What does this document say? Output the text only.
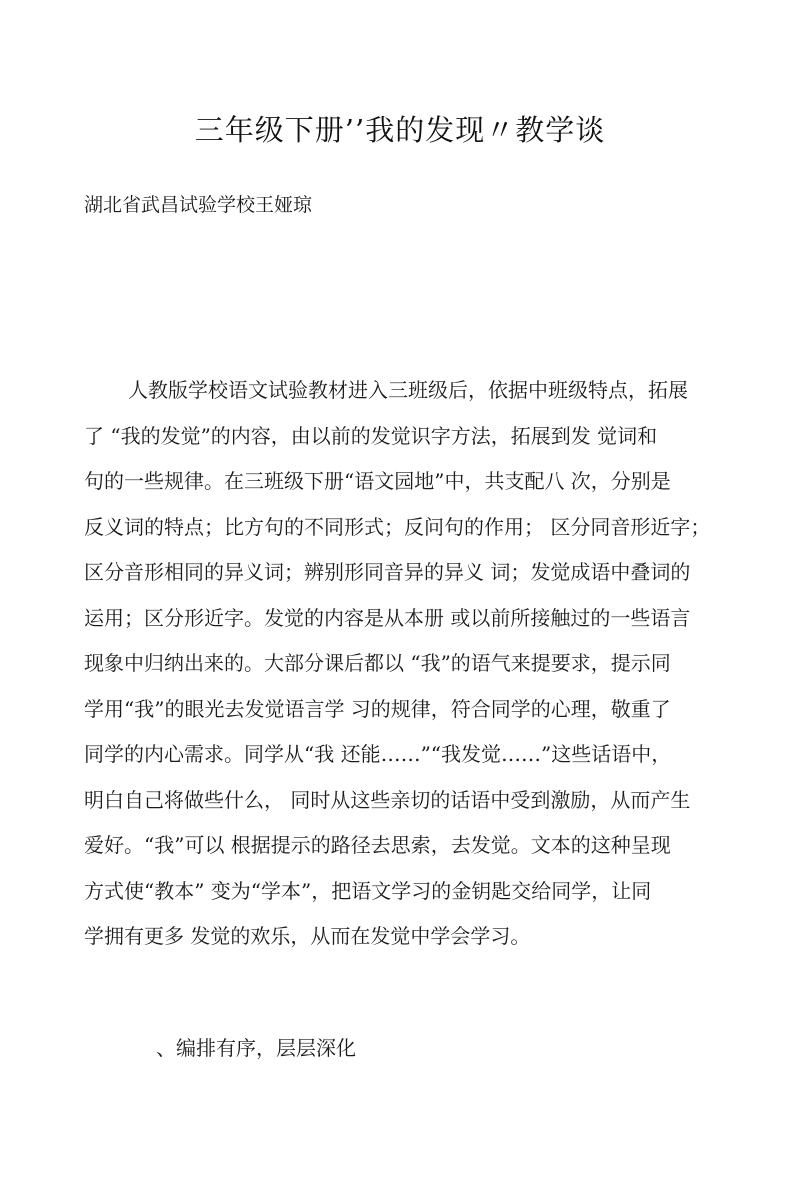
三年级下册’’我的发现〃教学谈
湖北省武昌试验学校王娅琼
人教版学校语文试验教材进入三班级后，依据中班级特点，拓展
了 “我的发觉”的内容，由以前的发觉识字方法，拓展到发 觉词和
句的一些规律。在三班级下册“语文园地”中，共支配八 次，分别是
反义词的特点；比方句的不同形式；反问句的作用； 区分同音形近字；
区分音形相同的异义词；辨别形同音异的异义 词；发觉成语中叠词的
运用；区分形近字。发觉的内容是从本册 或以前所接触过的一些语言
现象中归纳出来的。大部分课后都以 “我”的语气来提要求，提示同
学用“我”的眼光去发觉语言学 习的规律，符合同学的心理，敬重了
同学的内心需求。同学从“我 还能……”“我发觉……”这些话语中，
明白自己将做些什么， 同时从这些亲切的话语中受到激励，从而产生
爱好。“我”可以 根据提示的路径去思索，去发觉。文本的这种呈现
方式使“教本” 变为“学本”，把语文学习的金钥匙交给同学，让同
学拥有更多 发觉的欢乐，从而在发觉中学会学习。
、编排有序，层层深化
